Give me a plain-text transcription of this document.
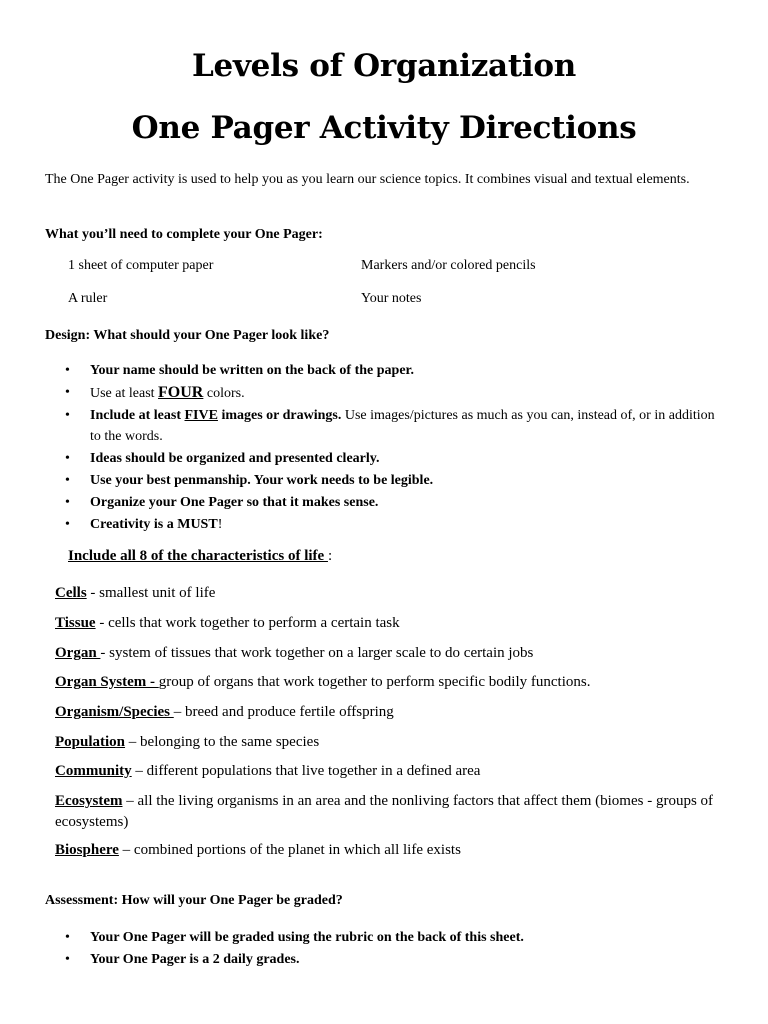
Levels of Organization
One Pager Activity Directions
The One Pager activity is used to help you as you learn our science topics. It combines visual and textual elements.
What you’ll need to complete your One Pager:
1 sheet of computer paper	Markers and/or colored pencils
A ruler	Your notes
Design: What should your One Pager look like?
• Your name should be written on the back of the paper.
• Use at least FOUR colors.
• Include at least FIVE images or drawings. Use images/pictures as much as you can, instead of, or in addition to the words.
• Ideas should be organized and presented clearly.
• Use your best penmanship. Your work needs to be legible.
• Organize your One Pager so that it makes sense.
• Creativity is a MUST!
Include all 8 of the characteristics of life :
Cells - smallest unit of life
Tissue - cells that work together to perform a certain task
Organ - system of tissues that work together on a larger scale to do certain jobs
Organ System - group of organs that work together to perform specific bodily functions.
Organism/Species – breed and produce fertile offspring
Population – belonging to the same species
Community – different populations that live together in a defined area
Ecosystem – all the living organisms in an area and the nonliving factors that affect them (biomes - groups of ecosystems)
Biosphere – combined portions of the planet in which all life exists
Assessment: How will your One Pager be graded?
• Your One Pager will be graded using the rubric on the back of this sheet.
• Your One Pager is a 2 daily grades.
